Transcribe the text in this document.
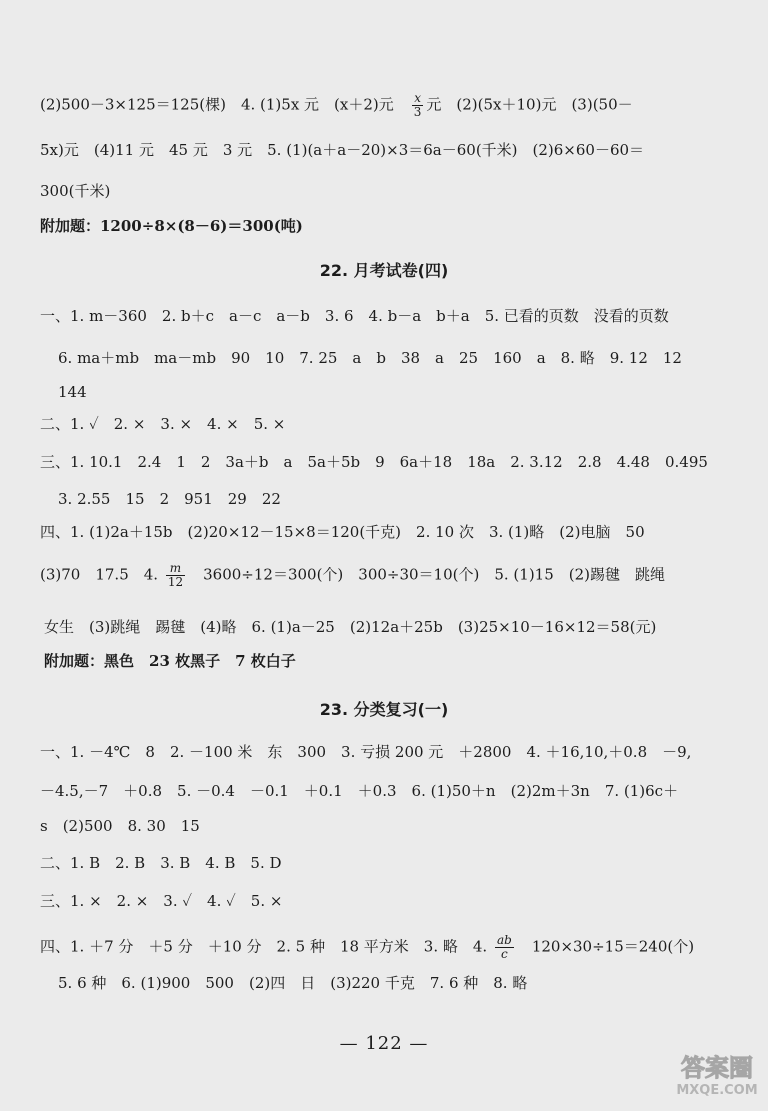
(2)500－3×125＝125(棵)　4. (1)5x 元　(x＋2)元　 $\frac{x}{3}$ 元　(2)(5x＋10)元　(3)(50－
5x)元　(4)11 元　45 元　3 元　5. (1)(a＋a－20)×3＝6a－60(千米)　(2)6×60－60＝
300(千米)
附加题：1200÷8×(8－6)＝300(吨)
22. 月考试卷(四)
一、1. m－360　2. b＋c　a－c　a－b　3. 6　4. b－a　b＋a　5. 已看的页数　没看的页数
6. ma＋mb　ma－mb　90　10　7. 25　a　b　38　a　25　160　a　8. 略　9. 12　12
144
二、1. ✓　2. ×　3. ×　4. ×　5. ×
三、1. 10.1　2.4　1　2　3a＋b　a　5a＋5b　9　6a＋18　18a　2. 3.12　2.8　4.48　0.495
3. 2.55　15　2　951　29　22
四、1. (1)2a＋15b　(2)20×12－15×8＝120(千克)　2. 10 次　3. (1)略　(2)电脑　50
(3)70　17.5　4. $\frac{m}{12}$ 　3600÷12＝300(个)　300÷30＝10(个)　5. (1)15　(2)踢毽　跳绳
女生　(3)跳绳　踢毽　(4)略　6. (1)a－25　(2)12a＋25b　(3)25×10－16×12＝58(元)
附加题：黑色　23 枚黑子　7 枚白子
23. 分类复习(一)
一、1. －4℃　8　2. －100 米　东　300　3. 亏损 200 元　＋2800　4. ＋16,10,＋0.8　－9,
－4.5,－7　＋0.8　5. －0.4　－0.1　＋0.1　＋0.3　6. (1)50＋n　(2)2m＋3n　7. (1)6c＋
s　(2)500　8. 30　15
二、1. B　2. B　3. B　4. B　5. D
三、1. ×　2. ×　3. ✓　4. ✓　5. ×
四、1. ＋7 分　＋5 分　＋10 分　2. 5 种　18 平方米　3. 略　4. $\frac{ab}{c}$ 　120×30÷15＝240(个)
5. 6 种　6. (1)900　500　(2)四　日　(3)220 千克　7. 6 种　8. 略
— 122 —
答案圈
MXQE.COM
